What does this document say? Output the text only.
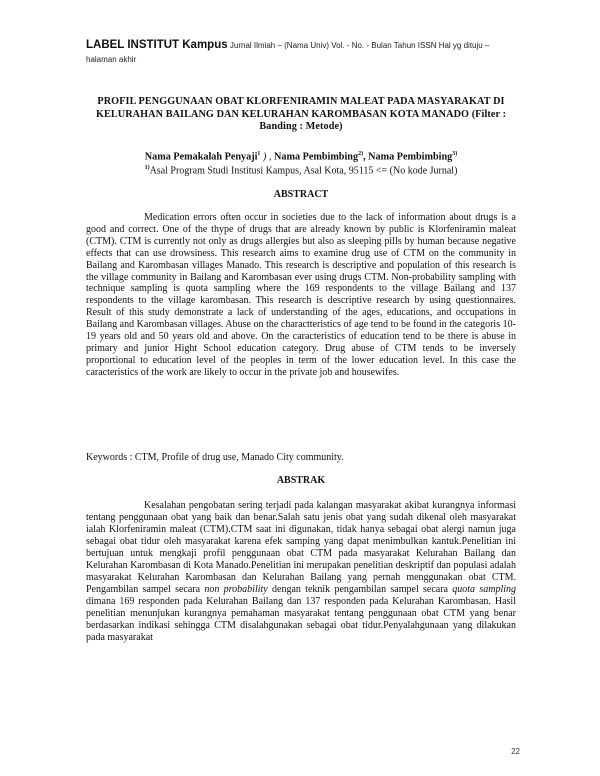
LABEL INSTITUT Kampus Jurnal Ilmiah – (Nama Univ) Vol. - No. - Bulan Tahun ISSN Hal yg dituju – halaman akhir
PROFIL PENGGUNAAN OBAT KLORFENIRAMIN MALEAT PADA MASYARAKAT DI KELURAHAN BAILANG DAN KELURAHAN KAROMBASAN KOTA MANADO (Filter : Banding : Metode)
Nama Pemakalah Penyaji$^1$ ) , Nama Pembimbing$^{2)}$, Nama Pembimbing$^{3)}$
$^{1)}$Asal Program Studi Institusi Kampus, Asal Kota, 95115 <= (No kode Jurnal)
ABSTRACT
Medication errors often occur in societies due to the lack of information about drugs is a good and correct. One of the thype of drugs that are already known by public is Klorfeniramin maleat (CTM). CTM is currently not only as drugs allergies but also as sleeping pills by human because negative effects that can use drowsiness. This research aims to examine drug use of CTM on the community in Bailang and Karombasan villages Manado. This research is descriptive and population of this research is the village community in Bailang and Karombasan ever using drugs CTM. Non-probability sampling with technique sampling is quota sampling where the 169 respondents to the village Bailang and 137 respondents to the village karombasan. This research is descriptive research by using questionnaires. Result of this study demonstrate a lack of understanding of the ages, educations, and occupations in Bailang and Karombasan villages. Abuse on the charactteristics of age tend to be found in the categoris 10-19 years old and 50 years old and above. On the caracteristics of education tend to be there is abuse in primary and junior Hight School education category. Drug abuse of CTM tends to be inversely proportional to education level of the peoples in term of the lower education level. In this case the caracteristics of the work are likely to occur in the private job and housewifes.
Keywords : CTM, Profile of drug use, Manado City community.
ABSTRAK
Kesalahan pengobatan sering terjadi pada kalangan masyarakat akibat kurangnya informasi tentang penggunaan obat yang baik dan benar.Salah satu jenis obat yang sudah dikenal oleh masyarakat ialah Klorfeniramin maleat (CTM).CTM saat ini digunakan, tidak hanya sebagai obat alergi namun juga sebagai obat tidur oleh masyarakat karena efek samping yang dapat menimbulkan kantuk.Penelitian ini bertujuan untuk mengkaji profil penggunaan obat CTM pada masyarakat Kelurahan Bailang dan Kelurahan Karombasan di Kota Manado.Penelitian ini merupakan penelitian deskriptif dan populasi adalah masyarakat Kelurahan Karombasan dan Kelurahan Bailang yang pernah menggunakan obat CTM. Pengambilan sampel secara non probability dengan teknik pengambilan sampel secara quota sampling dimana 169 responden pada Kelurahan Bailang dan 137 responden pada Kelurahan Karombasan. Hasil penelitian menunjukan kurangnya pemahaman masyarakat tentang penggunaan obat CTM yang benar berdasarkan indikasi sehingga CTM disalahgunakan sebagai obat tidur.Penyalahgunaan yang dilakukan pada masyarakat
22
